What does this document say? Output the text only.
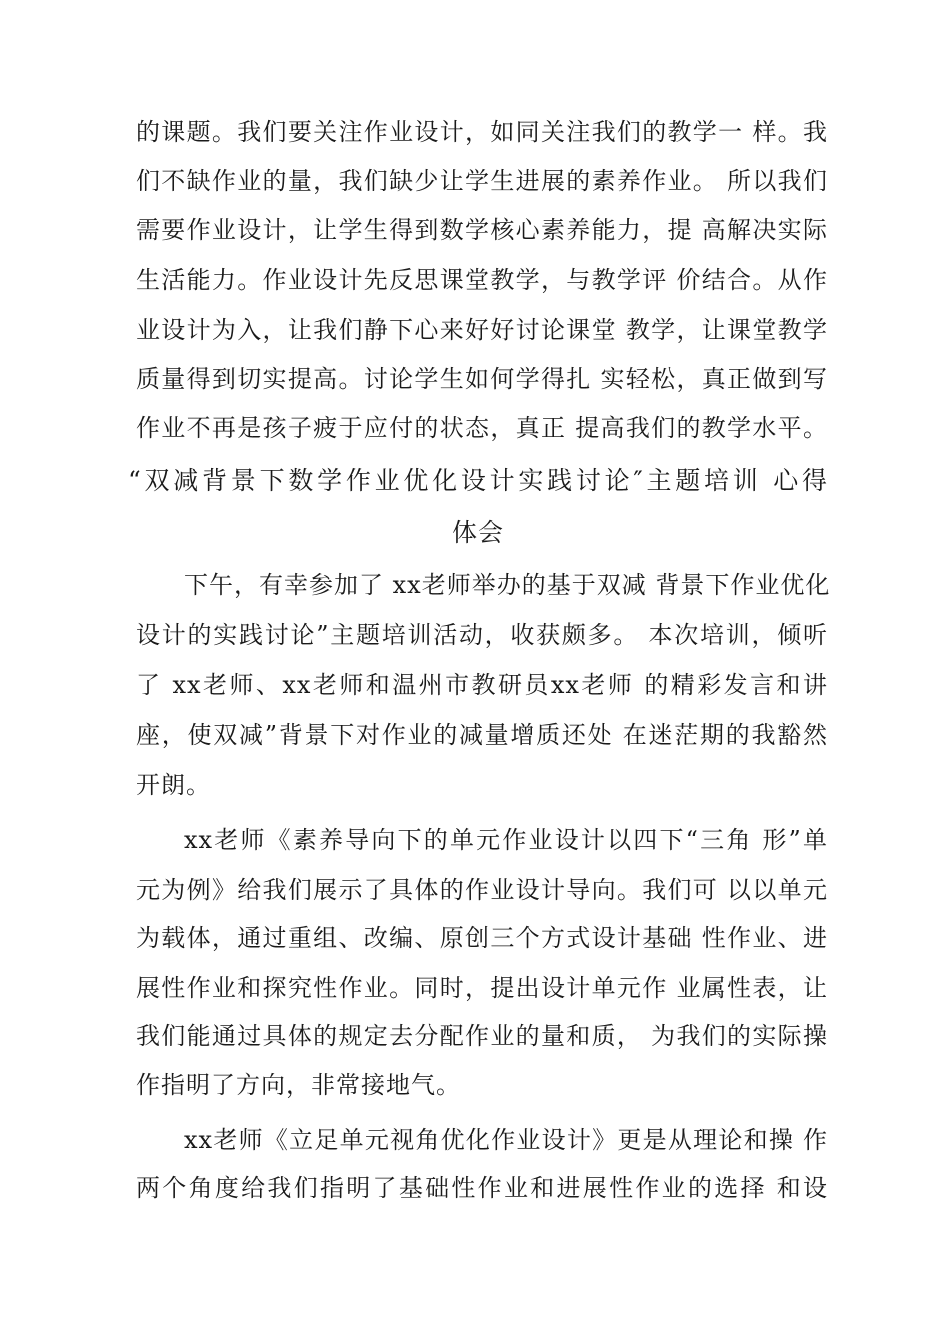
的课题。我们要关注作业设计，如同关注我们的教学一 样。我
们不缺作业的量，我们缺少让学生进展的素养作业。 所以我们
需要作业设计，让学生得到数学核心素养能力，提 高解决实际
生活能力。作业设计先反思课堂教学，与教学评 价结合。从作
业设计为入，让我们静下心来好好讨论课堂 教学，让课堂教学
质量得到切实提高。讨论学生如何学得扎 实轻松，真正做到写
作业不再是孩子疲于应付的状态，真正 提高我们的教学水平。
“双减背景下数学作业优化设计实践讨论″主题培训 心得
体会
下午，有幸参加了 xx老师举办的基于双减 背景下作业优化
设计的实践讨论”主题培训活动，收获颇多。 本次培训，倾听
了 xx老师、xx老师和温州市教研员xx老师 的精彩发言和讲
座，使双减”背景下对作业的减量增质还处 在迷茫期的我豁然
开朗。
xx老师《素养导向下的单元作业设计以四下“三角 形”单
元为例》给我们展示了具体的作业设计导向。我们可 以以单元
为载体，通过重组、改编、原创三个方式设计基础 性作业、进
展性作业和探究性作业。同时，提出设计单元作 业属性表，让
我们能通过具体的规定去分配作业的量和质， 为我们的实际操
作指明了方向，非常接地气。
xx老师《立足单元视角优化作业设计》更是从理论和操 作
两个角度给我们指明了基础性作业和进展性作业的选择 和设
